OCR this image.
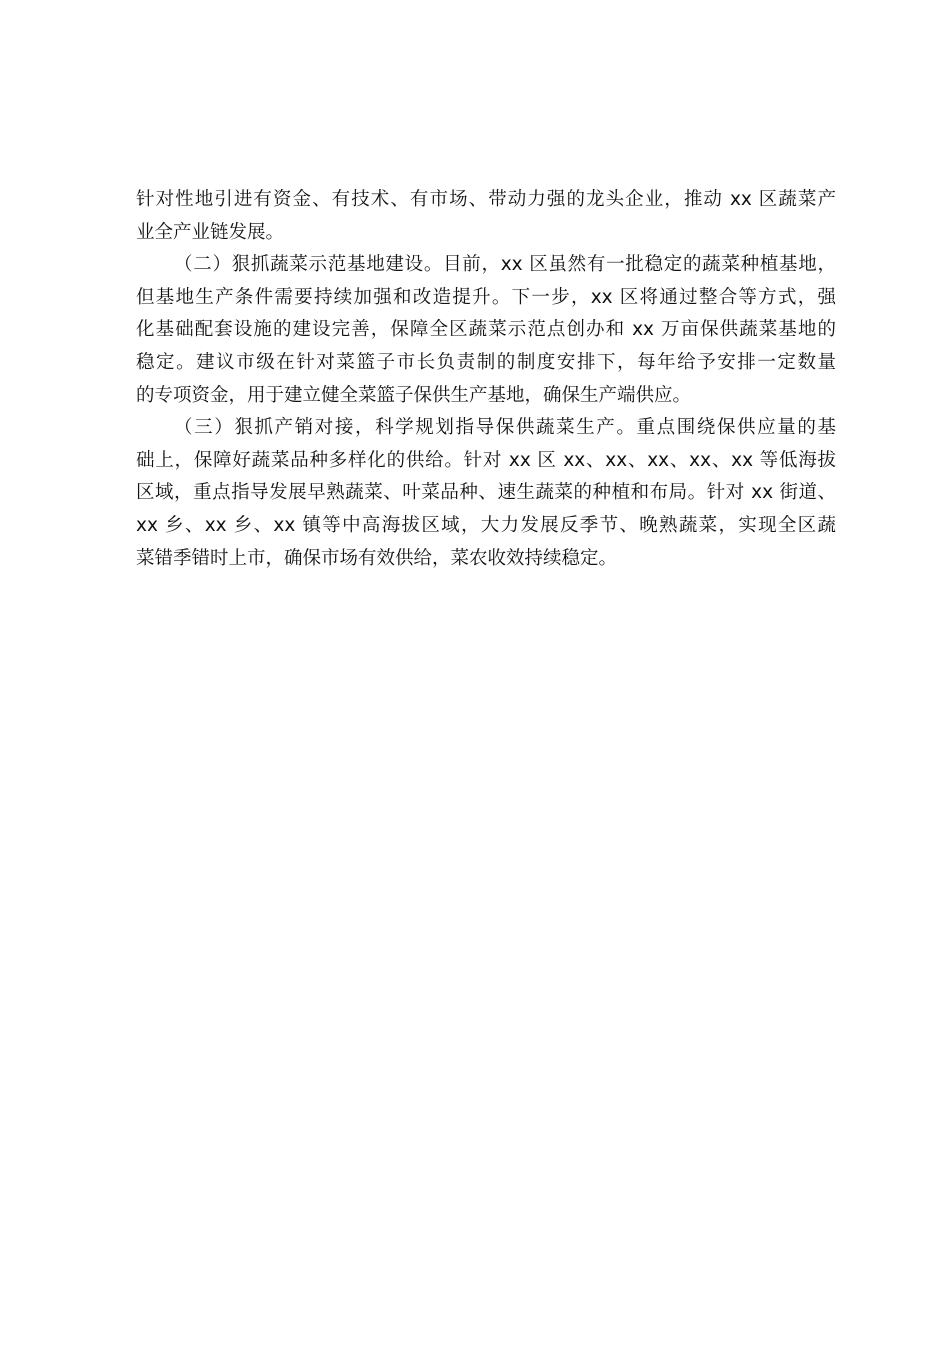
针对性地引进有资金、有技术、有市场、带动力强的龙头企业，推动 xx 区蔬菜产
业全产业链发展。
（二）狠抓蔬菜示范基地建设。目前，xx 区虽然有一批稳定的蔬菜种植基地，
但基地生产条件需要持续加强和改造提升。下一步，xx 区将通过整合等方式，强
化基础配套设施的建设完善，保障全区蔬菜示范点创办和 xx 万亩保供蔬菜基地的
稳定。建议市级在针对菜篮子市长负责制的制度安排下，每年给予安排一定数量
的专项资金，用于建立健全菜篮子保供生产基地，确保生产端供应。
（三）狠抓产销对接，科学规划指导保供蔬菜生产。重点围绕保供应量的基
础上，保障好蔬菜品种多样化的供给。针对 xx 区 xx、xx、xx、xx、xx 等低海拔
区域，重点指导发展早熟蔬菜、叶菜品种、速生蔬菜的种植和布局。针对 xx 街道、
xx 乡、xx 乡、xx 镇等中高海拔区域，大力发展反季节、晚熟蔬菜，实现全区蔬
菜错季错时上市，确保市场有效供给，菜农收效持续稳定。
